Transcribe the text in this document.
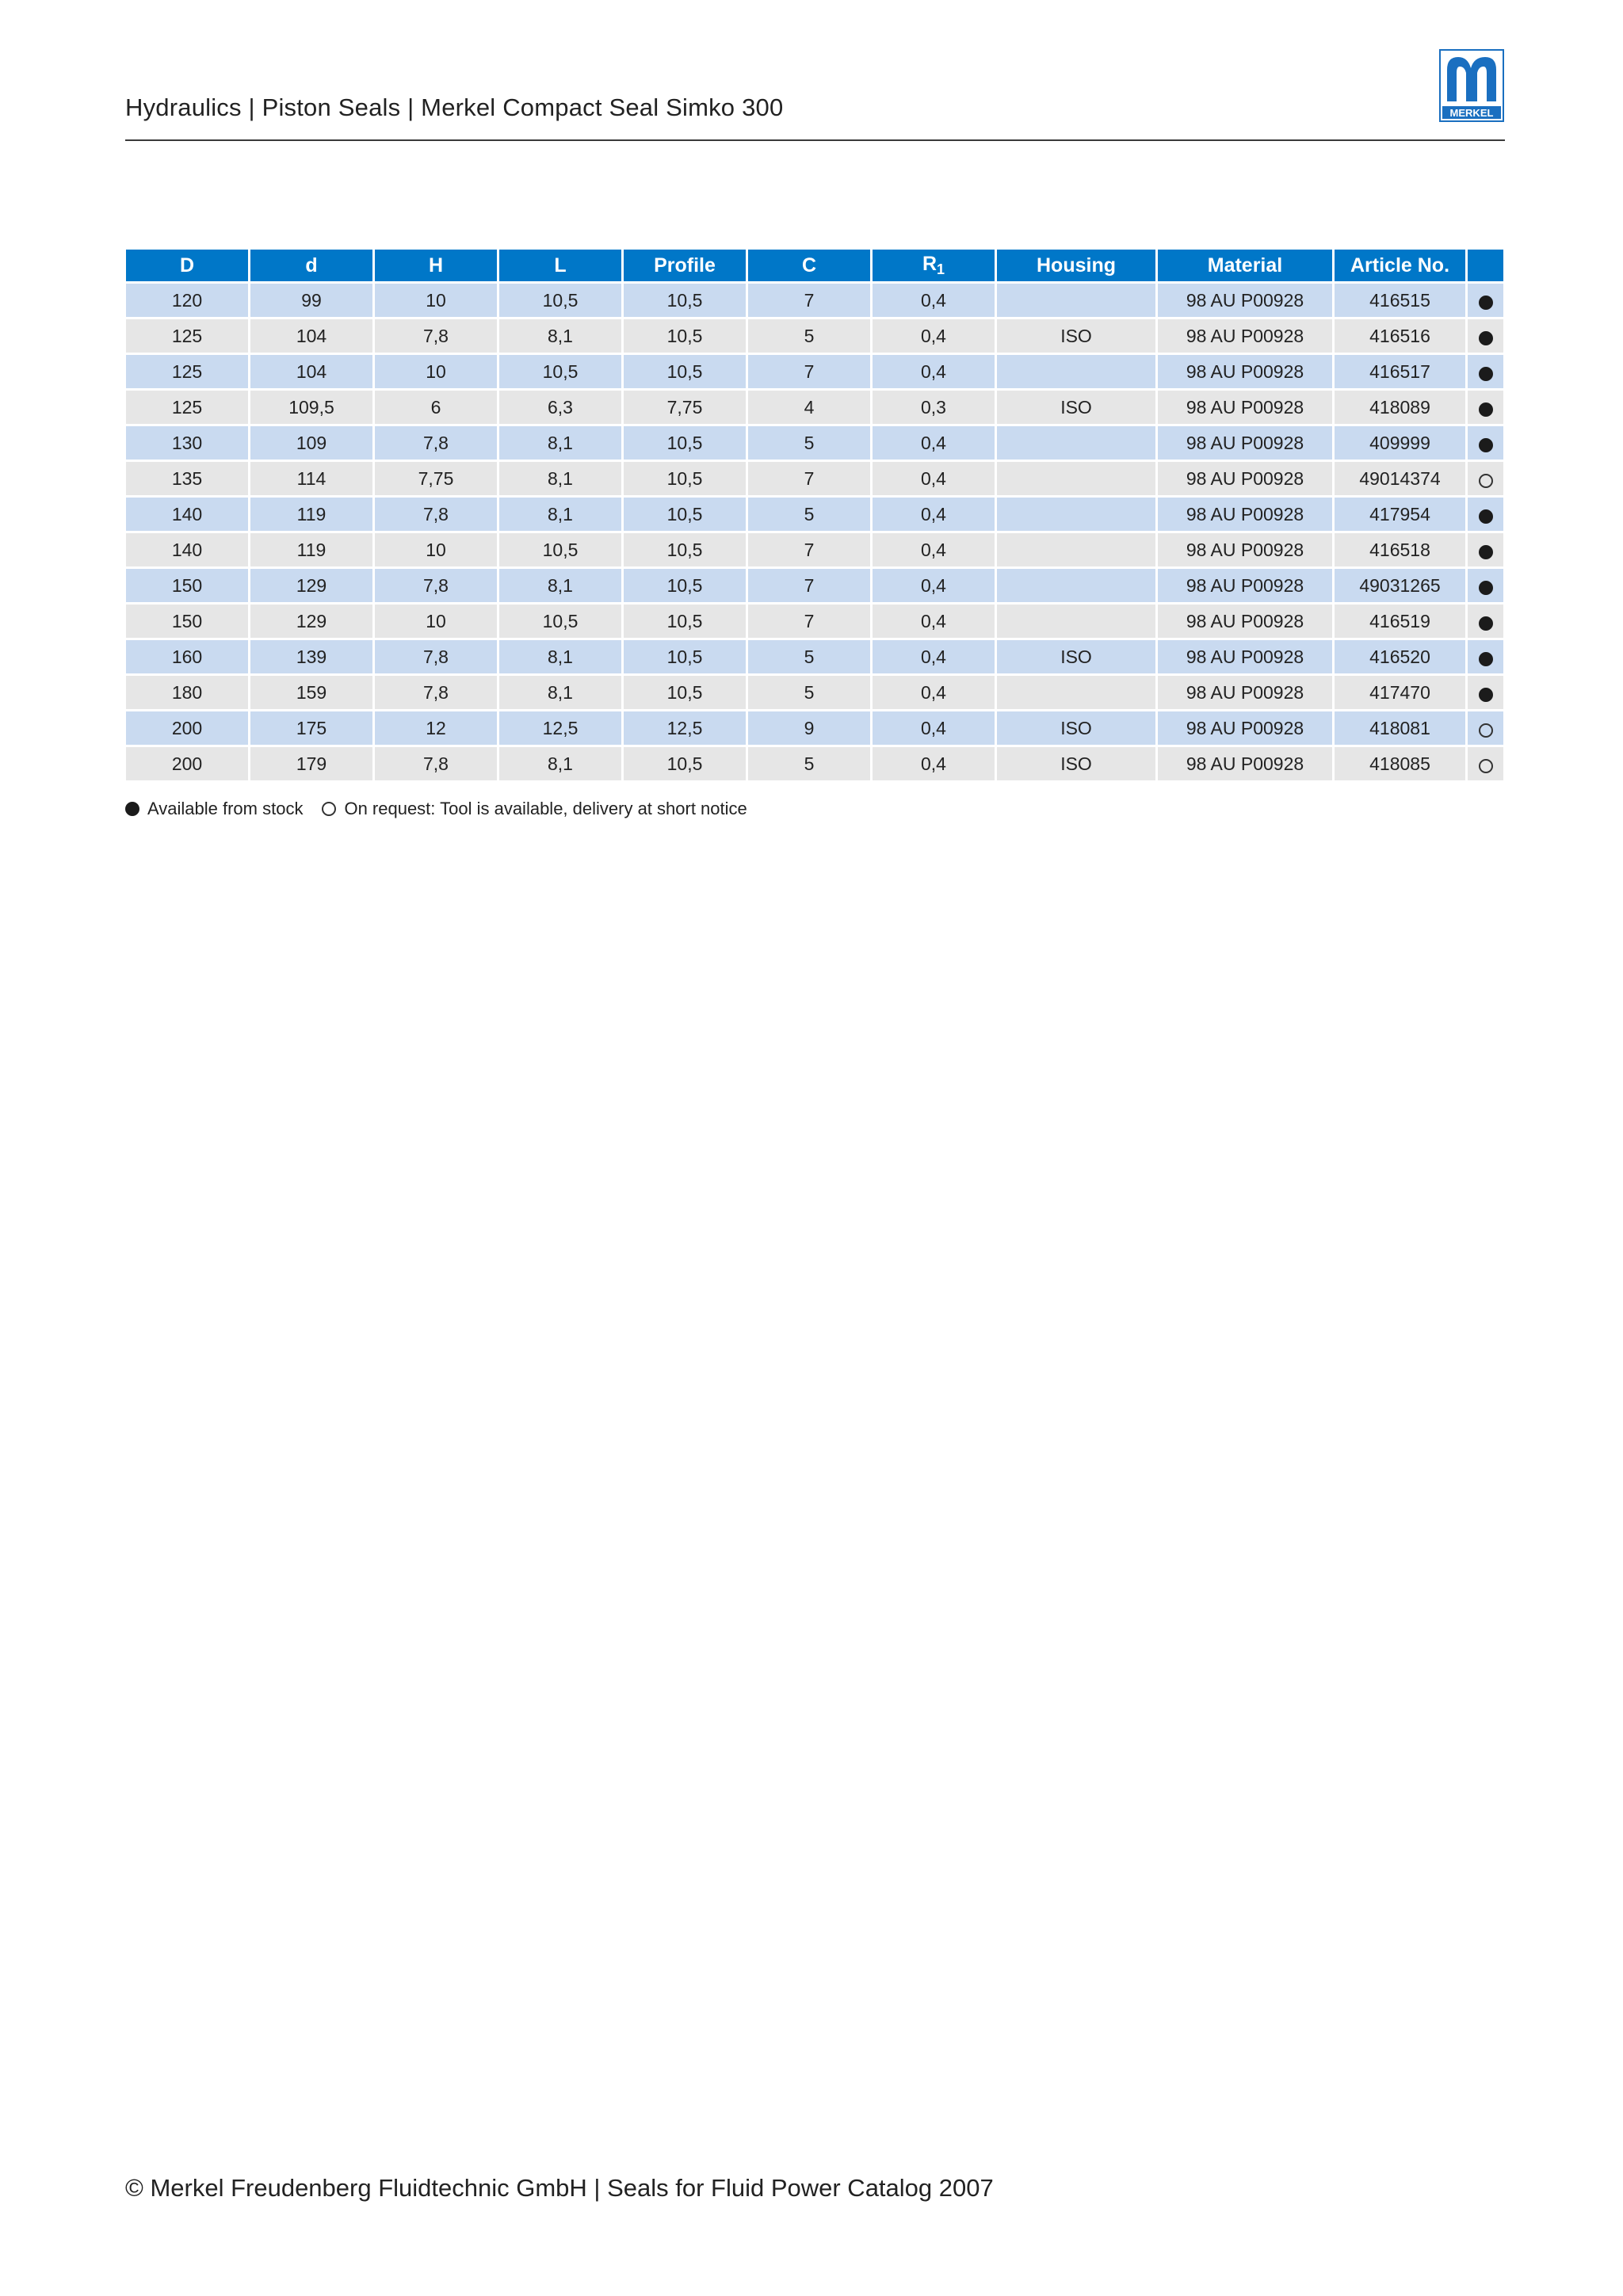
Hydraulics | Piston Seals | Merkel Compact Seal Simko 300	MERKEL
D	d	H	L	Profile	C	$R_1$	Housing	Material	Article No.	
120	99	10	10,5	10,5	7	0,4		98 AU P00928	416515	
125	104	7,8	8,1	10,5	5	0,4	ISO	98 AU P00928	416516	
125	104	10	10,5	10,5	7	0,4		98 AU P00928	416517	
125	109,5	6	6,3	7,75	4	0,3	ISO	98 AU P00928	418089	
130	109	7,8	8,1	10,5	5	0,4		98 AU P00928	409999	
135	114	7,75	8,1	10,5	7	0,4		98 AU P00928	49014374	
140	119	7,8	8,1	10,5	5	0,4		98 AU P00928	417954	
140	119	10	10,5	10,5	7	0,4		98 AU P00928	416518	
150	129	7,8	8,1	10,5	7	0,4		98 AU P00928	49031265	
150	129	10	10,5	10,5	7	0,4		98 AU P00928	416519	
160	139	7,8	8,1	10,5	5	0,4	ISO	98 AU P00928	416520	
180	159	7,8	8,1	10,5	5	0,4		98 AU P00928	417470	
200	175	12	12,5	12,5	9	0,4	ISO	98 AU P00928	418081	
200	179	7,8	8,1	10,5	5	0,4	ISO	98 AU P00928	418085	
Available from stock On request: Tool is available, delivery at short notice
© Merkel Freudenberg Fluidtechnic GmbH | Seals for Fluid Power Catalog 2007
